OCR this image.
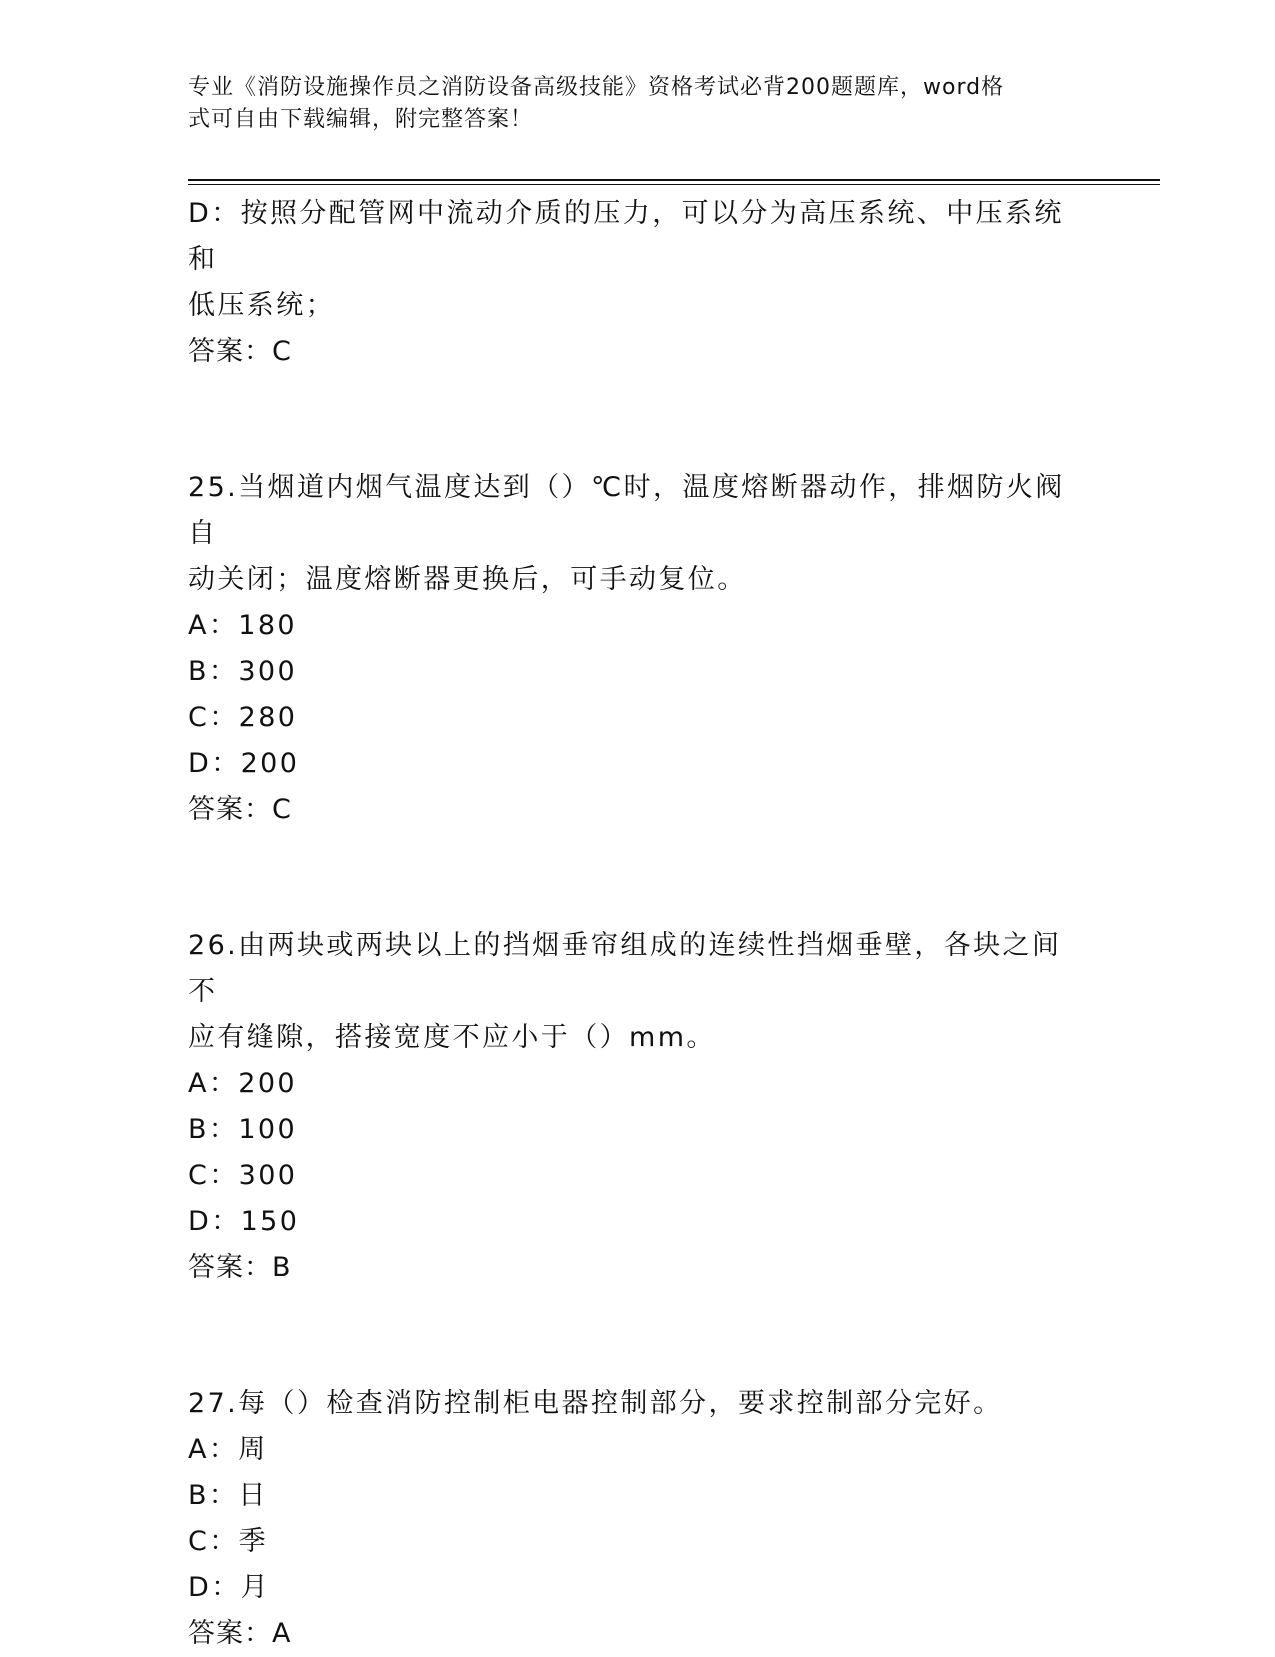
专业《消防设施操作员之消防设备高级技能》资格考试必背200题题库，word格
式可自由下载编辑，附完整答案！
D：按照分配管网中流动介质的压力，可以分为高压系统、中压系统和
低压系统；
答案：C
25.当烟道内烟气温度达到（）℃时，温度熔断器动作，排烟防火阀自
动关闭；温度熔断器更换后，可手动复位。
A：180
B：300
C：280
D：200
答案：C
26.由两块或两块以上的挡烟垂帘组成的连续性挡烟垂壁，各块之间不
应有缝隙，搭接宽度不应小于（）mm。
A：200
B：100
C：300
D：150
答案：B
27.每（）检查消防控制柜电器控制部分，要求控制部分完好。
A：周
B：日
C：季
D：月
答案：A
